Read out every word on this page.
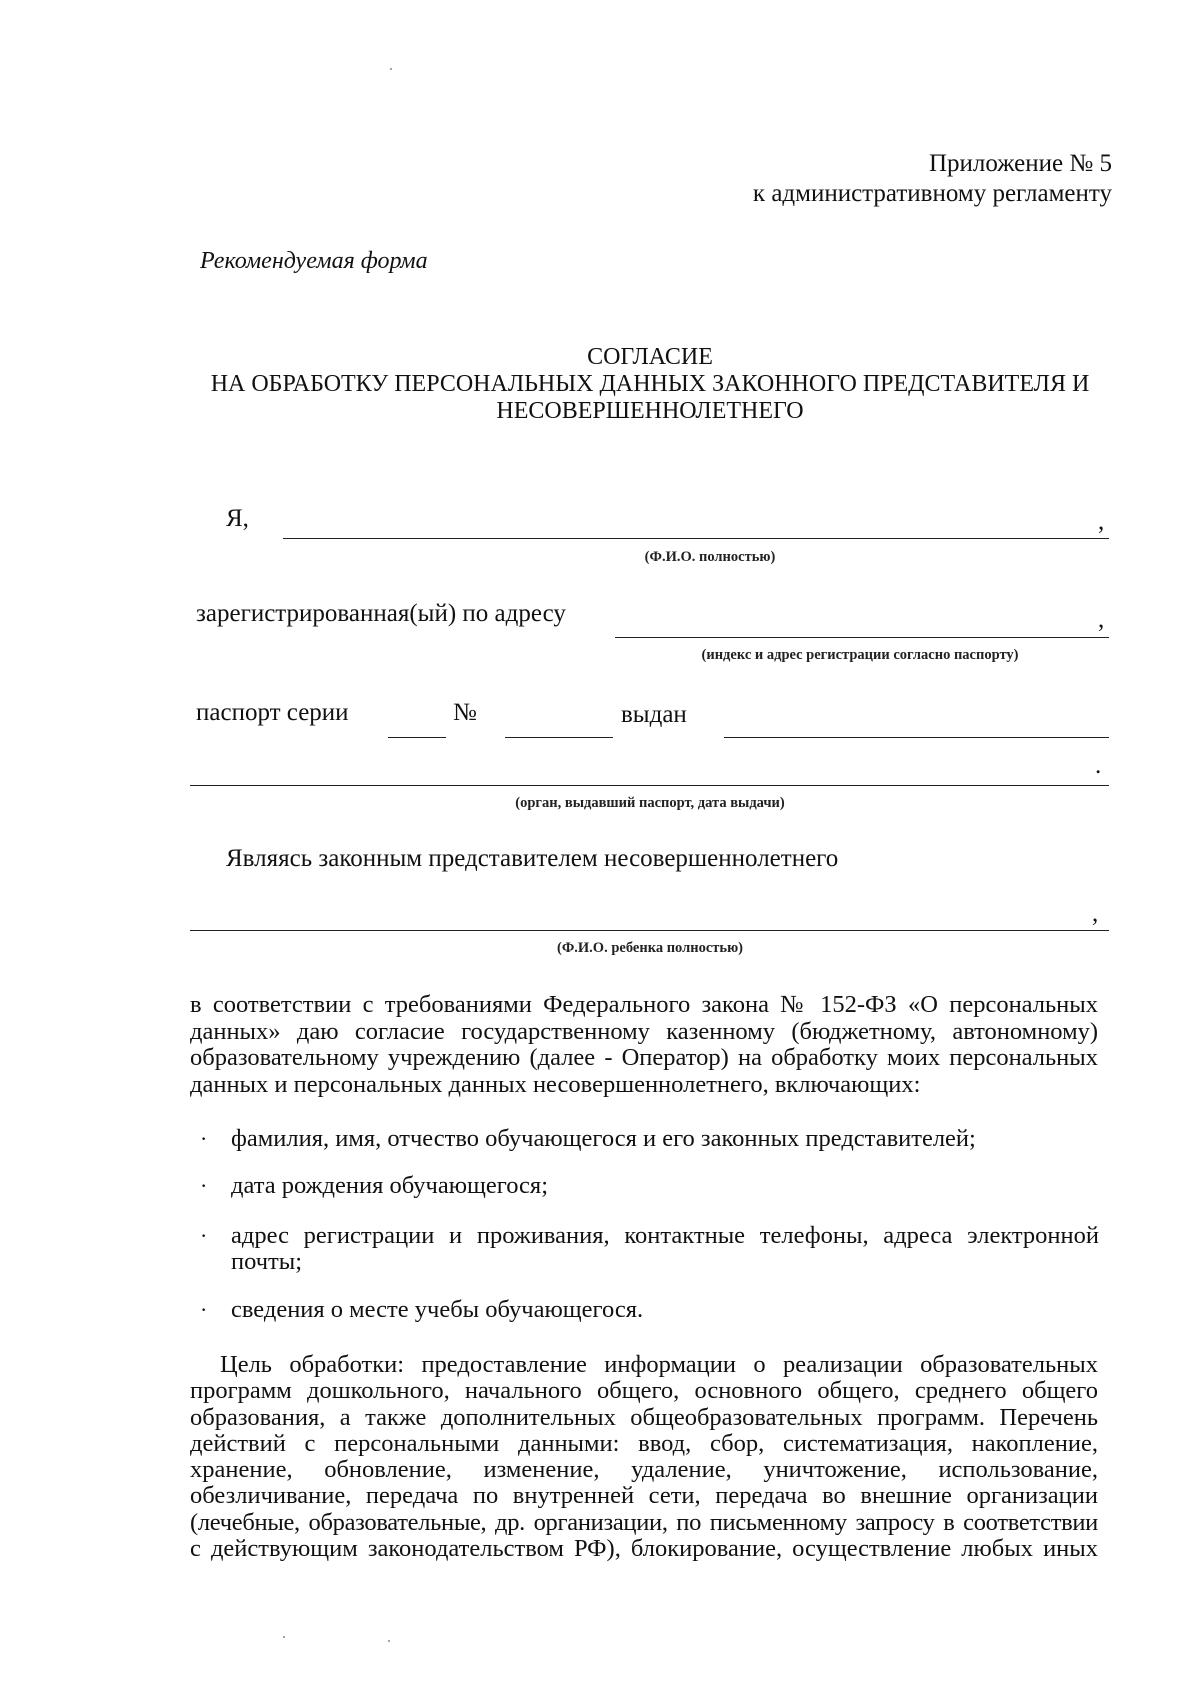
Приложение № 5
к административному регламенту
Рекомендуемая форма
СОГЛАСИЕ
НА ОБРАБОТКУ ПЕРСОНАЛЬНЫХ ДАННЫХ ЗАКОННОГО ПРЕДСТАВИТЕЛЯ И
НЕСОВЕРШЕННОЛЕТНЕГО
Я,	,
(Ф.И.О. полностью)
зарегистрированная(ый) по адресу	,
(индекс и адрес регистрации согласно паспорту)
паспорт серии	№	выдан
.
(орган, выдавший паспорт, дата выдачи)
Являясь законным представителем несовершеннолетнего
,
(Ф.И.О. ребенка полностью)
в соответствии с требованиями Федерального закона № 152-ФЗ «О персональных
данных» даю согласие государственному казенному (бюджетному, автономному)
образовательному учреждению (далее - Оператор) на обработку моих персональных
данных и персональных данных несовершеннолетнего, включающих:
· фамилия, имя, отчество обучающегося и его законных представителей;
· дата рождения обучающегося;
· адрес регистрации и проживания, контактные телефоны, адреса электронной
почты;
· сведения о месте учебы обучающегося.
Цель обработки: предоставление информации о реализации образовательных
программ дошкольного, начального общего, основного общего, среднего общего
образования, а также дополнительных общеобразовательных программ. Перечень
действий с персональными данными: ввод, сбор, систематизация, накопление,
хранение, обновление, изменение, удаление, уничтожение, использование,
обезличивание, передача по внутренней сети, передача во внешние организации
(лечебные, образовательные, др. организации, по письменному запросу в соответствии
с действующим законодательством РФ), блокирование, осуществление любых иных
